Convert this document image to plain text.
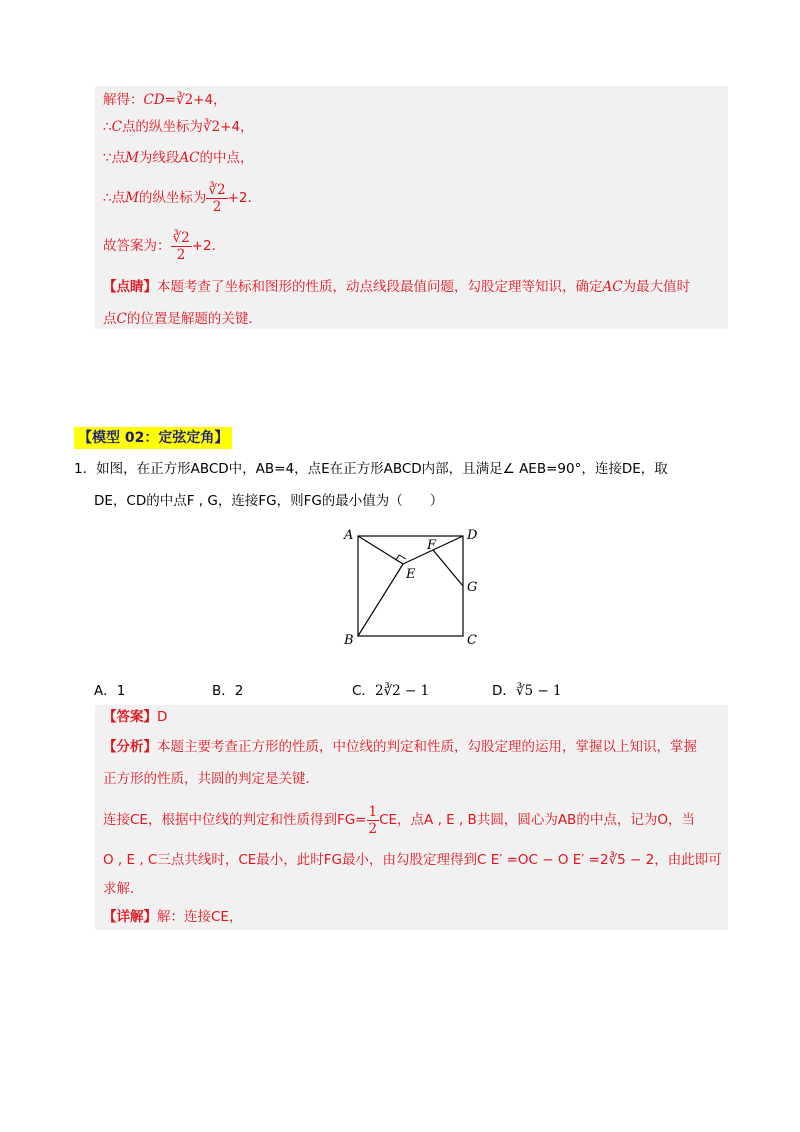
解得：CD=∛2+4，
∴C点的纵坐标为∛2+4，
∵点M为线段AC的中点，
∴点M的纵坐标为 $\frac{∛2}{2} +2$．
故答案为： $\frac{∛2}{2} +2$．
【点睛】本题考查了坐标和图形的性质，动点线段最值问题，勾股定理等知识，确定AC为最大值时
点C的位置是解题的关键．
【模型 02：定弦定角】
1．如图，在正方形ABCD中，AB=4，点E在正方形ABCD内部，且满足∠ AEB=90°，连接DE，取
DE，CD的中点F , G，连接FG，则FG的最小值为（　　）
A	D
B	C
E
F
G
A．1	B．2	C．2∛2 − 1	D．∛5 − 1
【答案】D
【分析】本题主要考查正方形的性质，中位线的判定和性质，勾股定理的运用，掌握以上知识，掌握
正方形的性质，共圆的判定是关键．
连接CE，根据中位线的判定和性质得到$FG= \frac{1}{2}$ CE，点A , E , B共圆，圆心为AB的中点，记为O，当
O , E , C三点共线时，CE最小，此时FG最小，由勾股定理得到C E′ =OC − O E′ =2∛5 − 2，由此即可
求解．
【详解】解：连接CE，
